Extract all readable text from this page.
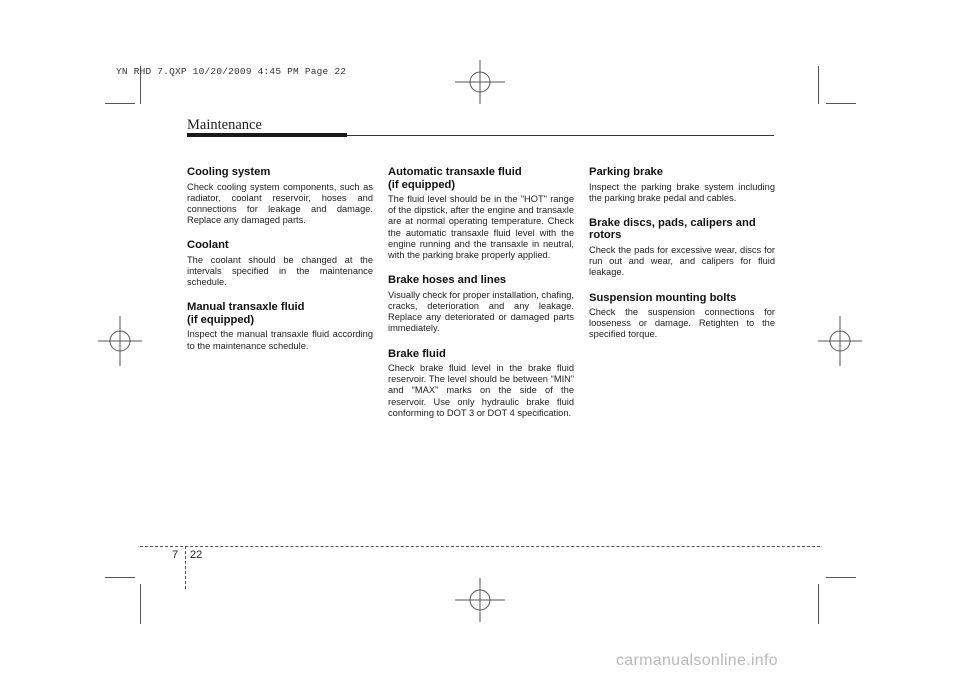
YN RHD 7.QXP 10/20/2009 4:45 PM Page 22
Maintenance
Cooling system
Check cooling system components, such as radiator, coolant reservoir, hoses and connections for leakage and damage. Replace any damaged parts.
Coolant
The coolant should be changed at the intervals specified in the maintenance schedule.
Manual transaxle fluid
(if equipped)
Inspect the manual transaxle fluid according to the maintenance schedule.
Automatic transaxle fluid
(if equipped)
The fluid level should be in the "HOT" range of the dipstick, after the engine and transaxle are at normal operating temperature. Check the automatic transaxle fluid level with the engine running and the transaxle in neutral, with the parking brake properly applied.
Brake hoses and lines
Visually check for proper installation, chafing, cracks, deterioration and any leakage. Replace any deteriorated or damaged parts immediately.
Brake fluid
Check brake fluid level in the brake fluid reservoir. The level should be between “MIN” and “MAX” marks on the side of the reservoir. Use only hydraulic brake fluid conforming to DOT 3 or DOT 4 specification.
Parking brake
Inspect the parking brake system including the parking brake pedal and cables.
Brake discs, pads, calipers and
rotors
Check the pads for excessive wear, discs for run out and wear, and calipers for fluid leakage.
Suspension mounting bolts
Check the suspension connections for looseness or damage. Retighten to the specified torque.
7 22
carmanualsonline.info
